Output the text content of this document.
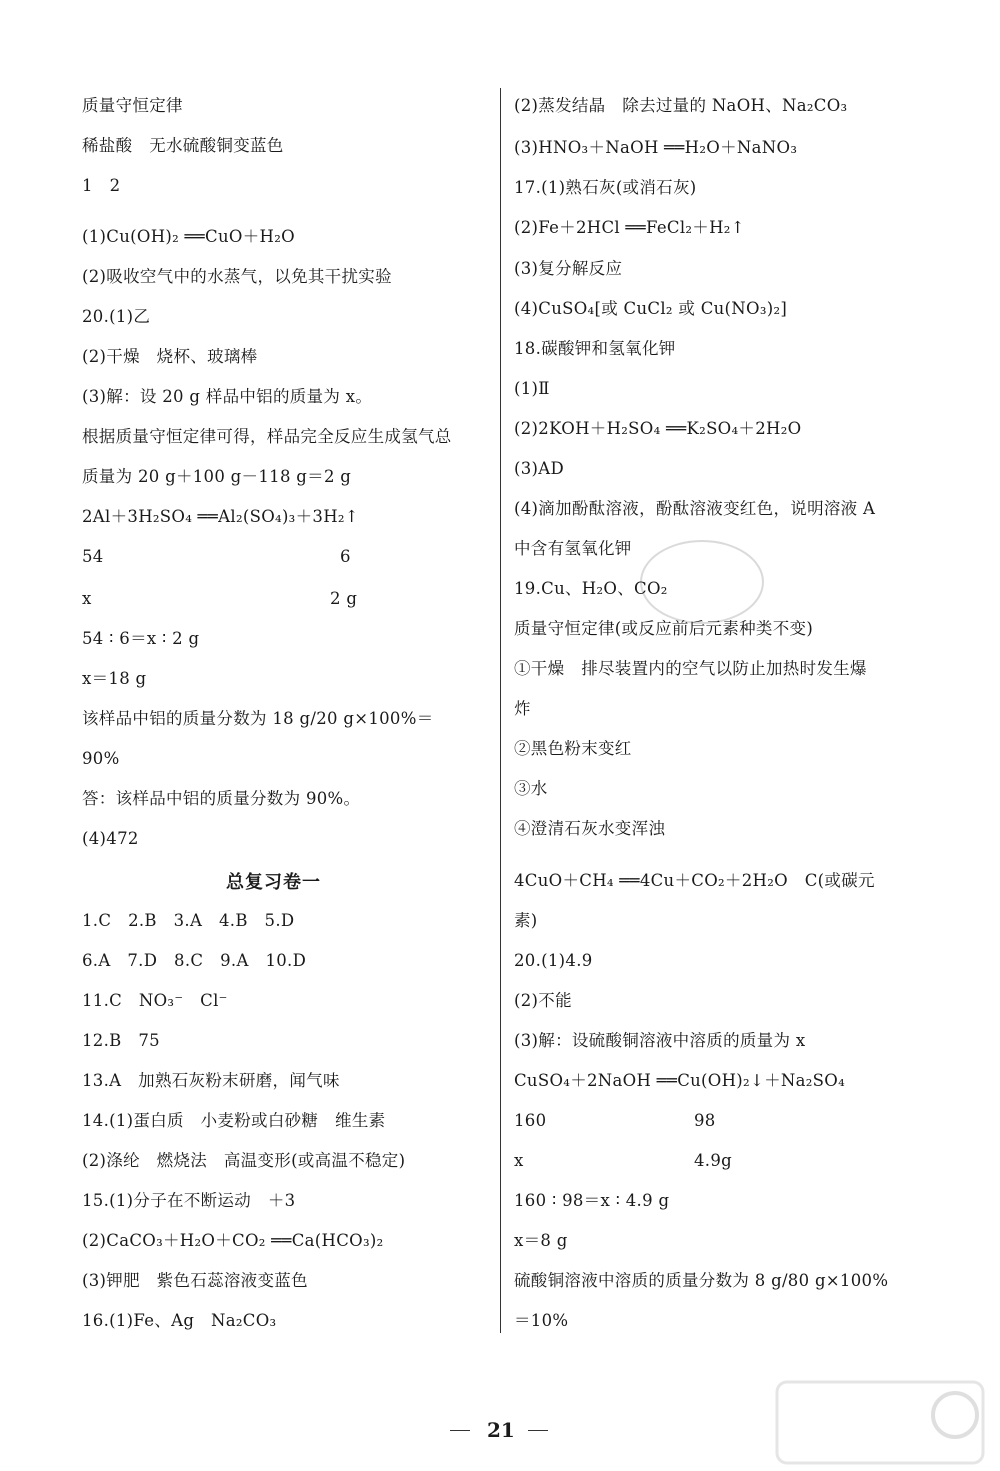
质量守恒定律
稀盐酸　无水硫酸铜变蓝色
1　2
(1)Cu(OH)₂ ══CuO＋H₂O
(2)吸收空气中的水蒸气，以免其干扰实验
20.(1)乙
(2)干燥　烧杯、玻璃棒
(3)解：设 20 g 样品中铝的质量为 x。
根据质量守恒定律可得，样品完全反应生成氢气总
质量为 20 g＋100 g－118 g＝2 g
2Al＋3H₂SO₄ ══Al₂(SO₄)₃＋3H₂↑
54
x
54 ∶ 6＝x ∶ 2 g
x＝18 g
该样品中铝的质量分数为 18 g/20 g×100%＝
90%
答：该样品中铝的质量分数为 90%。
(4)472
1.C　2.B　3.A　4.B　5.D
6.A　7.D　8.C　9.A　10.D
11.C　NO₃⁻　Cl⁻
12.B　75
13.A　加熟石灰粉末研磨，闻气味
14.(1)蛋白质　小麦粉或白砂糖　维生素
(2)涤纶　燃烧法　高温变形(或高温不稳定)
15.(1)分子在不断运动　＋3
(2)CaCO₃＋H₂O＋CO₂ ══Ca(HCO₃)₂
(3)钾肥　紫色石蕊溶液变蓝色
16.(1)Fe、Ag　Na₂CO₃
6
2 g
(2)蒸发结晶　除去过量的 NaOH、Na₂CO₃
(3)HNO₃＋NaOH ══H₂O＋NaNO₃
17.(1)熟石灰(或消石灰)
(2)Fe＋2HCl ══FeCl₂＋H₂↑
(3)复分解反应
(4)CuSO₄[或 CuCl₂ 或 Cu(NO₃)₂]
18.碳酸钾和氢氧化钾
(1)Ⅱ
(2)2KOH＋H₂SO₄ ══K₂SO₄＋2H₂O
(3)AD
(4)滴加酚酞溶液，酚酞溶液变红色，说明溶液 A
中含有氢氧化钾
19.Cu、H₂O、CO₂
质量守恒定律(或反应前后元素种类不变)
①干燥　排尽装置内的空气以防止加热时发生爆
炸
②黑色粉末变红
③水
④澄清石灰水变浑浊
4CuO＋CH₄ ══4Cu＋CO₂＋2H₂O　C(或碳元
素)
20.(1)4.9
(2)不能
(3)解：设硫酸铜溶液中溶质的质量为 x
CuSO₄＋2NaOH ══Cu(OH)₂↓＋Na₂SO₄
160
x
160 ∶ 98＝x ∶ 4.9 g
x＝8 g
硫酸铜溶液中溶质的质量分数为 8 g/80 g×100%
＝10%
98
4.9g
总复习卷一
21
